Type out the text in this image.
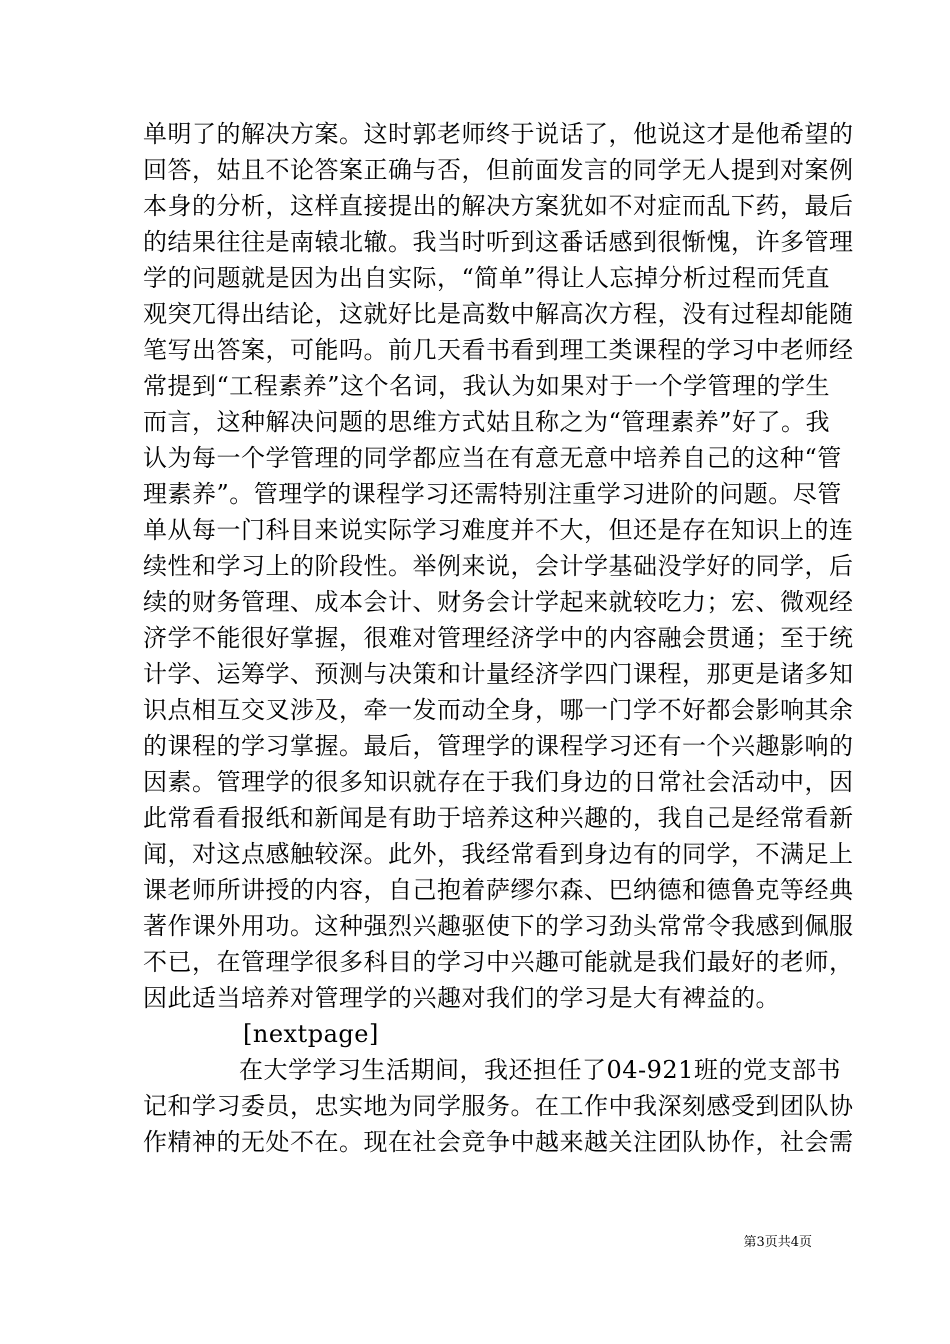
单明了的解决方案。这时郭老师终于说话了，他说这才是他希望的
回答，姑且不论答案正确与否，但前面发言的同学无人提到对案例
本身的分析，这样直接提出的解决方案犹如不对症而乱下药，最后
的结果往往是南辕北辙。我当时听到这番话感到很惭愧，许多管理
学的问题就是因为出自实际，“简单”得让人忘掉分析过程而凭直
观突兀得出结论，这就好比是高数中解高次方程，没有过程却能随
笔写出答案，可能吗。前几天看书看到理工类课程的学习中老师经
常提到“工程素养”这个名词，我认为如果对于一个学管理的学生
而言，这种解决问题的思维方式姑且称之为“管理素养”好了。我
认为每一个学管理的同学都应当在有意无意中培养自己的这种“管
理素养”。管理学的课程学习还需特别注重学习进阶的问题。尽管
单从每一门科目来说实际学习难度并不大，但还是存在知识上的连
续性和学习上的阶段性。举例来说，会计学基础没学好的同学，后
续的财务管理、成本会计、财务会计学起来就较吃力；宏、微观经
济学不能很好掌握，很难对管理经济学中的内容融会贯通；至于统
计学、运筹学、预测与决策和计量经济学四门课程，那更是诸多知
识点相互交叉涉及，牵一发而动全身，哪一门学不好都会影响其余
的课程的学习掌握。最后，管理学的课程学习还有一个兴趣影响的
因素。管理学的很多知识就存在于我们身边的日常社会活动中，因
此常看看报纸和新闻是有助于培养这种兴趣的，我自己是经常看新
闻，对这点感触较深。此外，我经常看到身边有的同学，不满足上
课老师所讲授的内容，自己抱着萨缪尔森、巴纳德和德鲁克等经典
著作课外用功。这种强烈兴趣驱使下的学习劲头常常令我感到佩服
不已，在管理学很多科目的学习中兴趣可能就是我们最好的老师，
因此适当培养对管理学的兴趣对我们的学习是大有裨益的。
[nextpage]
在大学学习生活期间，我还担任了04-921班的党支部书
记和学习委员，忠实地为同学服务。在工作中我深刻感受到团队协
作精神的无处不在。现在社会竞争中越来越关注团队协作，社会需
第3页共4页
